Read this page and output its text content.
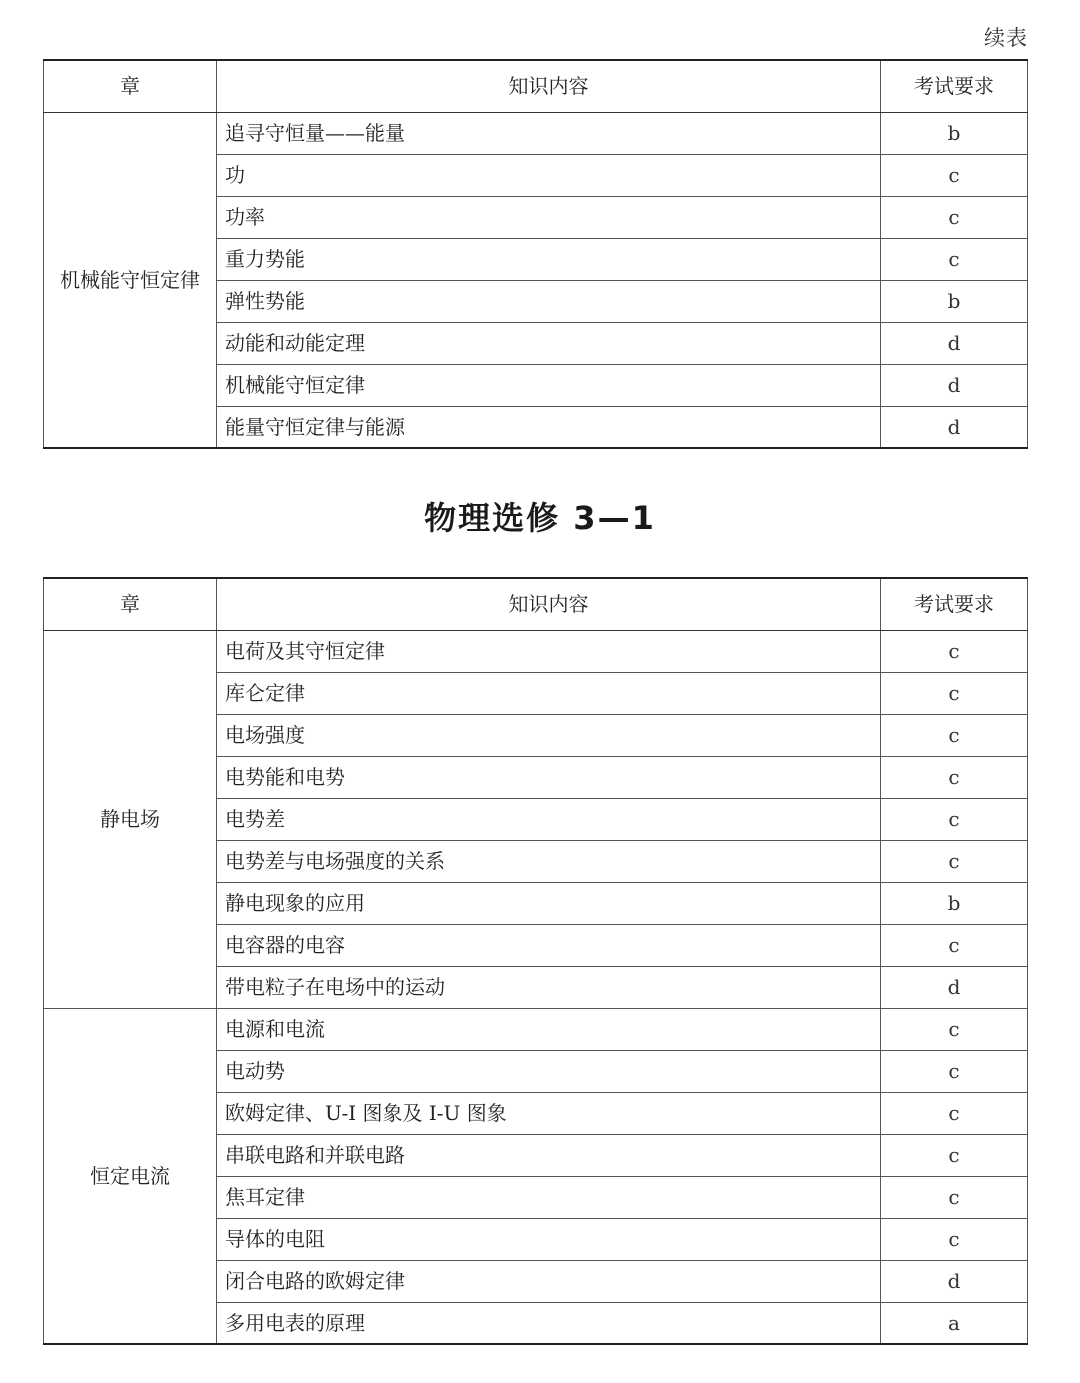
续表
章	知识内容	考试要求
机械能守恒定律	追寻守恒量——能量	b
	功	c
	功率	c
	重力势能	c
	弹性势能	b
	动能和动能定理	d
	机械能守恒定律	d
	能量守恒定律与能源	d
物理选修 3—1
章	知识内容	考试要求
静电场	电荷及其守恒定律	c
	库仑定律	c
	电场强度	c
	电势能和电势	c
	电势差	c
	电势差与电场强度的关系	c
	静电现象的应用	b
	电容器的电容	c
	带电粒子在电场中的运动	d
恒定电流	电源和电流	c
	电动势	c
	欧姆定律、U-I 图象及 I-U 图象	c
	串联电路和并联电路	c
	焦耳定律	c
	导体的电阻	c
	闭合电路的欧姆定律	d
	多用电表的原理	a
